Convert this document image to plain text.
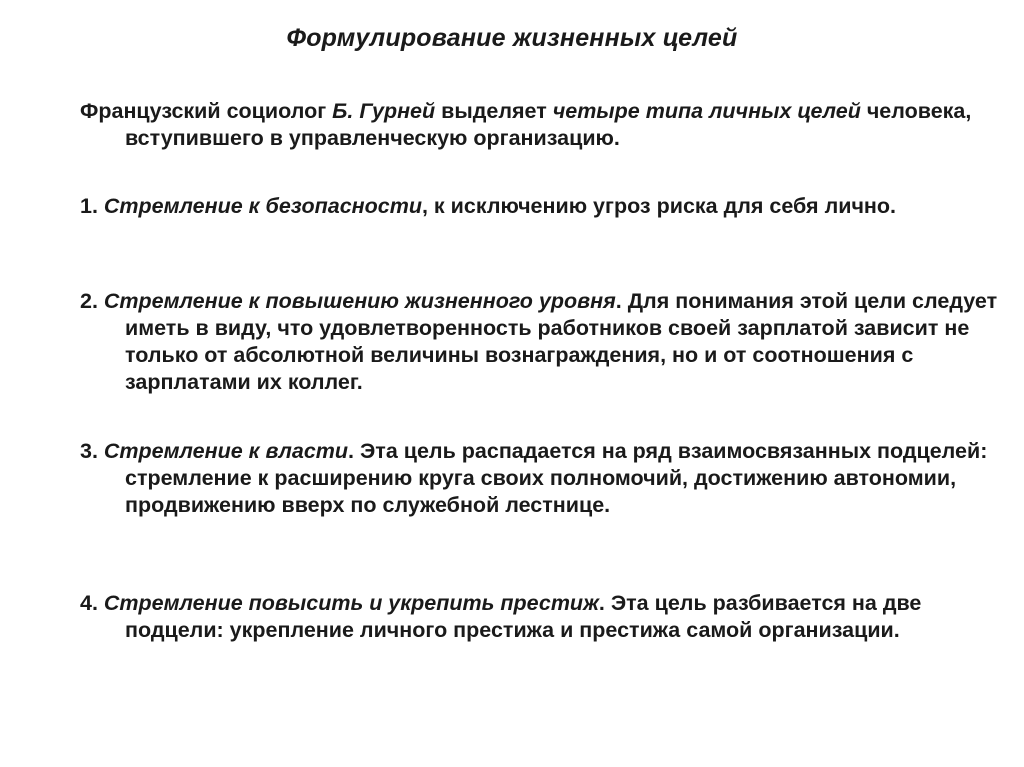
Формулирование жизненных целей
Французский социолог Б. Гурней выделяет четыре типа личных целей человека, вступившего в управленческую организацию.
1. Стремление к безопасности, к исключению угроз риска для себя лично.
2. Стремление к повышению жизненного уровня. Для понимания этой цели следует иметь в виду, что удовлетворенность работников своей зарплатой зависит не только от абсолютной величины вознаграждения, но и от соотношения с зарплатами их коллег.
3. Стремление к власти. Эта цель распадается на ряд взаимосвязанных подцелей: стремление к расширению круга своих полномочий, достижению автономии, продвижению вверх по служебной лестнице.
4. Стремление повысить и укрепить престиж. Эта цель разбивается на две подцели: укрепление личного престижа и престижа самой организации.
